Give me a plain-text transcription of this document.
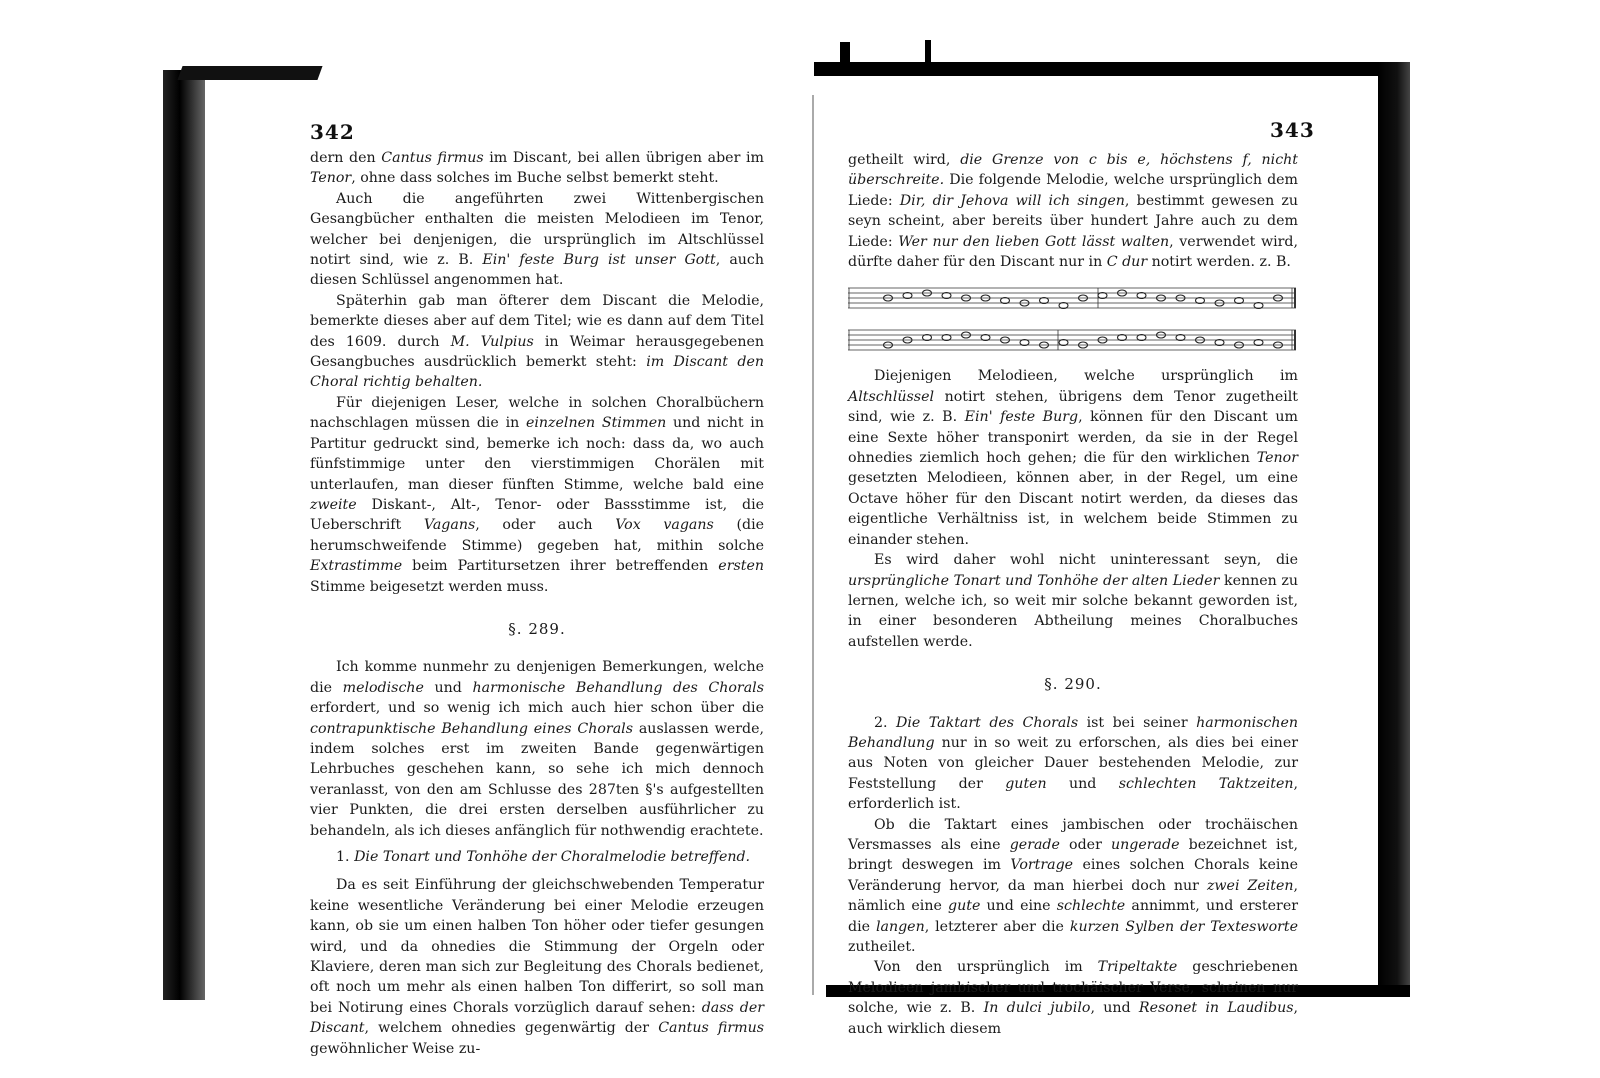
342

dern den Cantus firmus im Discant, bei allen übrigen aber im Tenor, ohne dass solches im Buche selbst bemerkt steht.

Auch die angeführten zwei Wittenbergischen Gesangbücher enthalten die meisten Melodieen im Tenor, welcher bei denjenigen, die ursprünglich im Altschlüssel notirt sind, wie z. B. Ein' feste Burg ist unser Gott, auch diesen Schlüssel angenommen hat.

Späterhin gab man öfterer dem Discant die Melodie, bemerkte dieses aber auf dem Titel; wie es dann auf dem Titel des 1609. durch M. Vulpius in Weimar herausgegebenen Gesangbuches ausdrücklich bemerkt steht: im Discant den Choral richtig behalten.

Für diejenigen Leser, welche in solchen Choralbüchern nachschlagen müssen die in einzelnen Stimmen und nicht in Partitur gedruckt sind, bemerke ich noch: dass da, wo auch fünfstimmige unter den vierstimmigen Chorälen mit unterlaufen, man dieser fünften Stimme, welche bald eine zweite Diskant-, Alt-, Tenor- oder Bassstimme ist, die Ueberschrift Vagans, oder auch Vox vagans (die herumschweifende Stimme) gegeben hat, mithin solche Extrastimme beim Partitursetzen ihrer betreffenden ersten Stimme beigesetzt werden muss.

§. 289.

Ich komme nunmehr zu denjenigen Bemerkungen, welche die melodische und harmonische Behandlung des Chorals erfordert, und so wenig ich mich auch hier schon über die contrapunktische Behandlung eines Chorals auslassen werde, indem solches erst im zweiten Bande gegenwärtigen Lehrbuches geschehen kann, so sehe ich mich dennoch veranlasst, von den am Schlusse des 287ten §'s aufgestellten vier Punkten, die drei ersten derselben ausführlicher zu behandeln, als ich dieses anfänglich für nothwendig erachtete.

1. Die Tonart und Tonhöhe der Choralmelodie betreffend.

Da es seit Einführung der gleichschwebenden Temperatur keine wesentliche Veränderung bei einer Melodie erzeugen kann, ob sie um einen halben Ton höher oder tiefer gesungen wird, und da ohnedies die Stimmung der Orgeln oder Klaviere, deren man sich zur Begleitung des Chorals bedienet, oft noch um mehr als einen halben Ton differirt, so soll man bei Notirung eines Chorals vorzüglich darauf sehen: dass der Discant, welchem ohnedies gegenwärtig der Cantus firmus gewöhnlicher Weise zu-

343

getheilt wird, die Grenze von c bis e, höchstens f, nicht überschreite. Die folgende Melodie, welche ursprünglich dem Liede: Dir, dir Jehova will ich singen, bestimmt gewesen zu seyn scheint, aber bereits über hundert Jahre auch zu dem Liede: Wer nur den lieben Gott lässt walten, verwendet wird, dürfte daher für den Discant nur in C dur notirt werden. z. B.

Diejenigen Melodieen, welche ursprünglich im Altschlüssel notirt stehen, übrigens dem Tenor zugetheilt sind, wie z. B. Ein' feste Burg, können für den Discant um eine Sexte höher transponirt werden, da sie in der Regel ohnedies ziemlich hoch gehen; die für den wirklichen Tenor gesetzten Melodieen, können aber, in der Regel, um eine Octave höher für den Discant notirt werden, da dieses das eigentliche Verhältniss ist, in welchem beide Stimmen zu einander stehen.

Es wird daher wohl nicht uninteressant seyn, die ursprüngliche Tonart und Tonhöhe der alten Lieder kennen zu lernen, welche ich, so weit mir solche bekannt geworden ist, in einer besonderen Abtheilung meines Choralbuches aufstellen werde.

§. 290.

2. Die Taktart des Chorals ist bei seiner harmonischen Behandlung nur in so weit zu erforschen, als dies bei einer aus Noten von gleicher Dauer bestehenden Melodie, zur Feststellung der guten und schlechten Taktzeiten, erforderlich ist.

Ob die Taktart eines jambischen oder trochäischen Versmasses als eine gerade oder ungerade bezeichnet ist, bringt deswegen im Vortrage eines solchen Chorals keine Veränderung hervor, da man hierbei doch nur zwei Zeiten, nämlich eine gute und eine schlechte annimmt, und ersterer die langen, letzterer aber die kurzen Sylben der Textesworte zutheilet.

Von den ursprünglich im Tripeltakte geschriebenen Melodieen jambischer und trochäischer Verse, scheinen nur solche, wie z. B. In dulci jubilo, und Resonet in Laudibus, auch wirklich diesem
